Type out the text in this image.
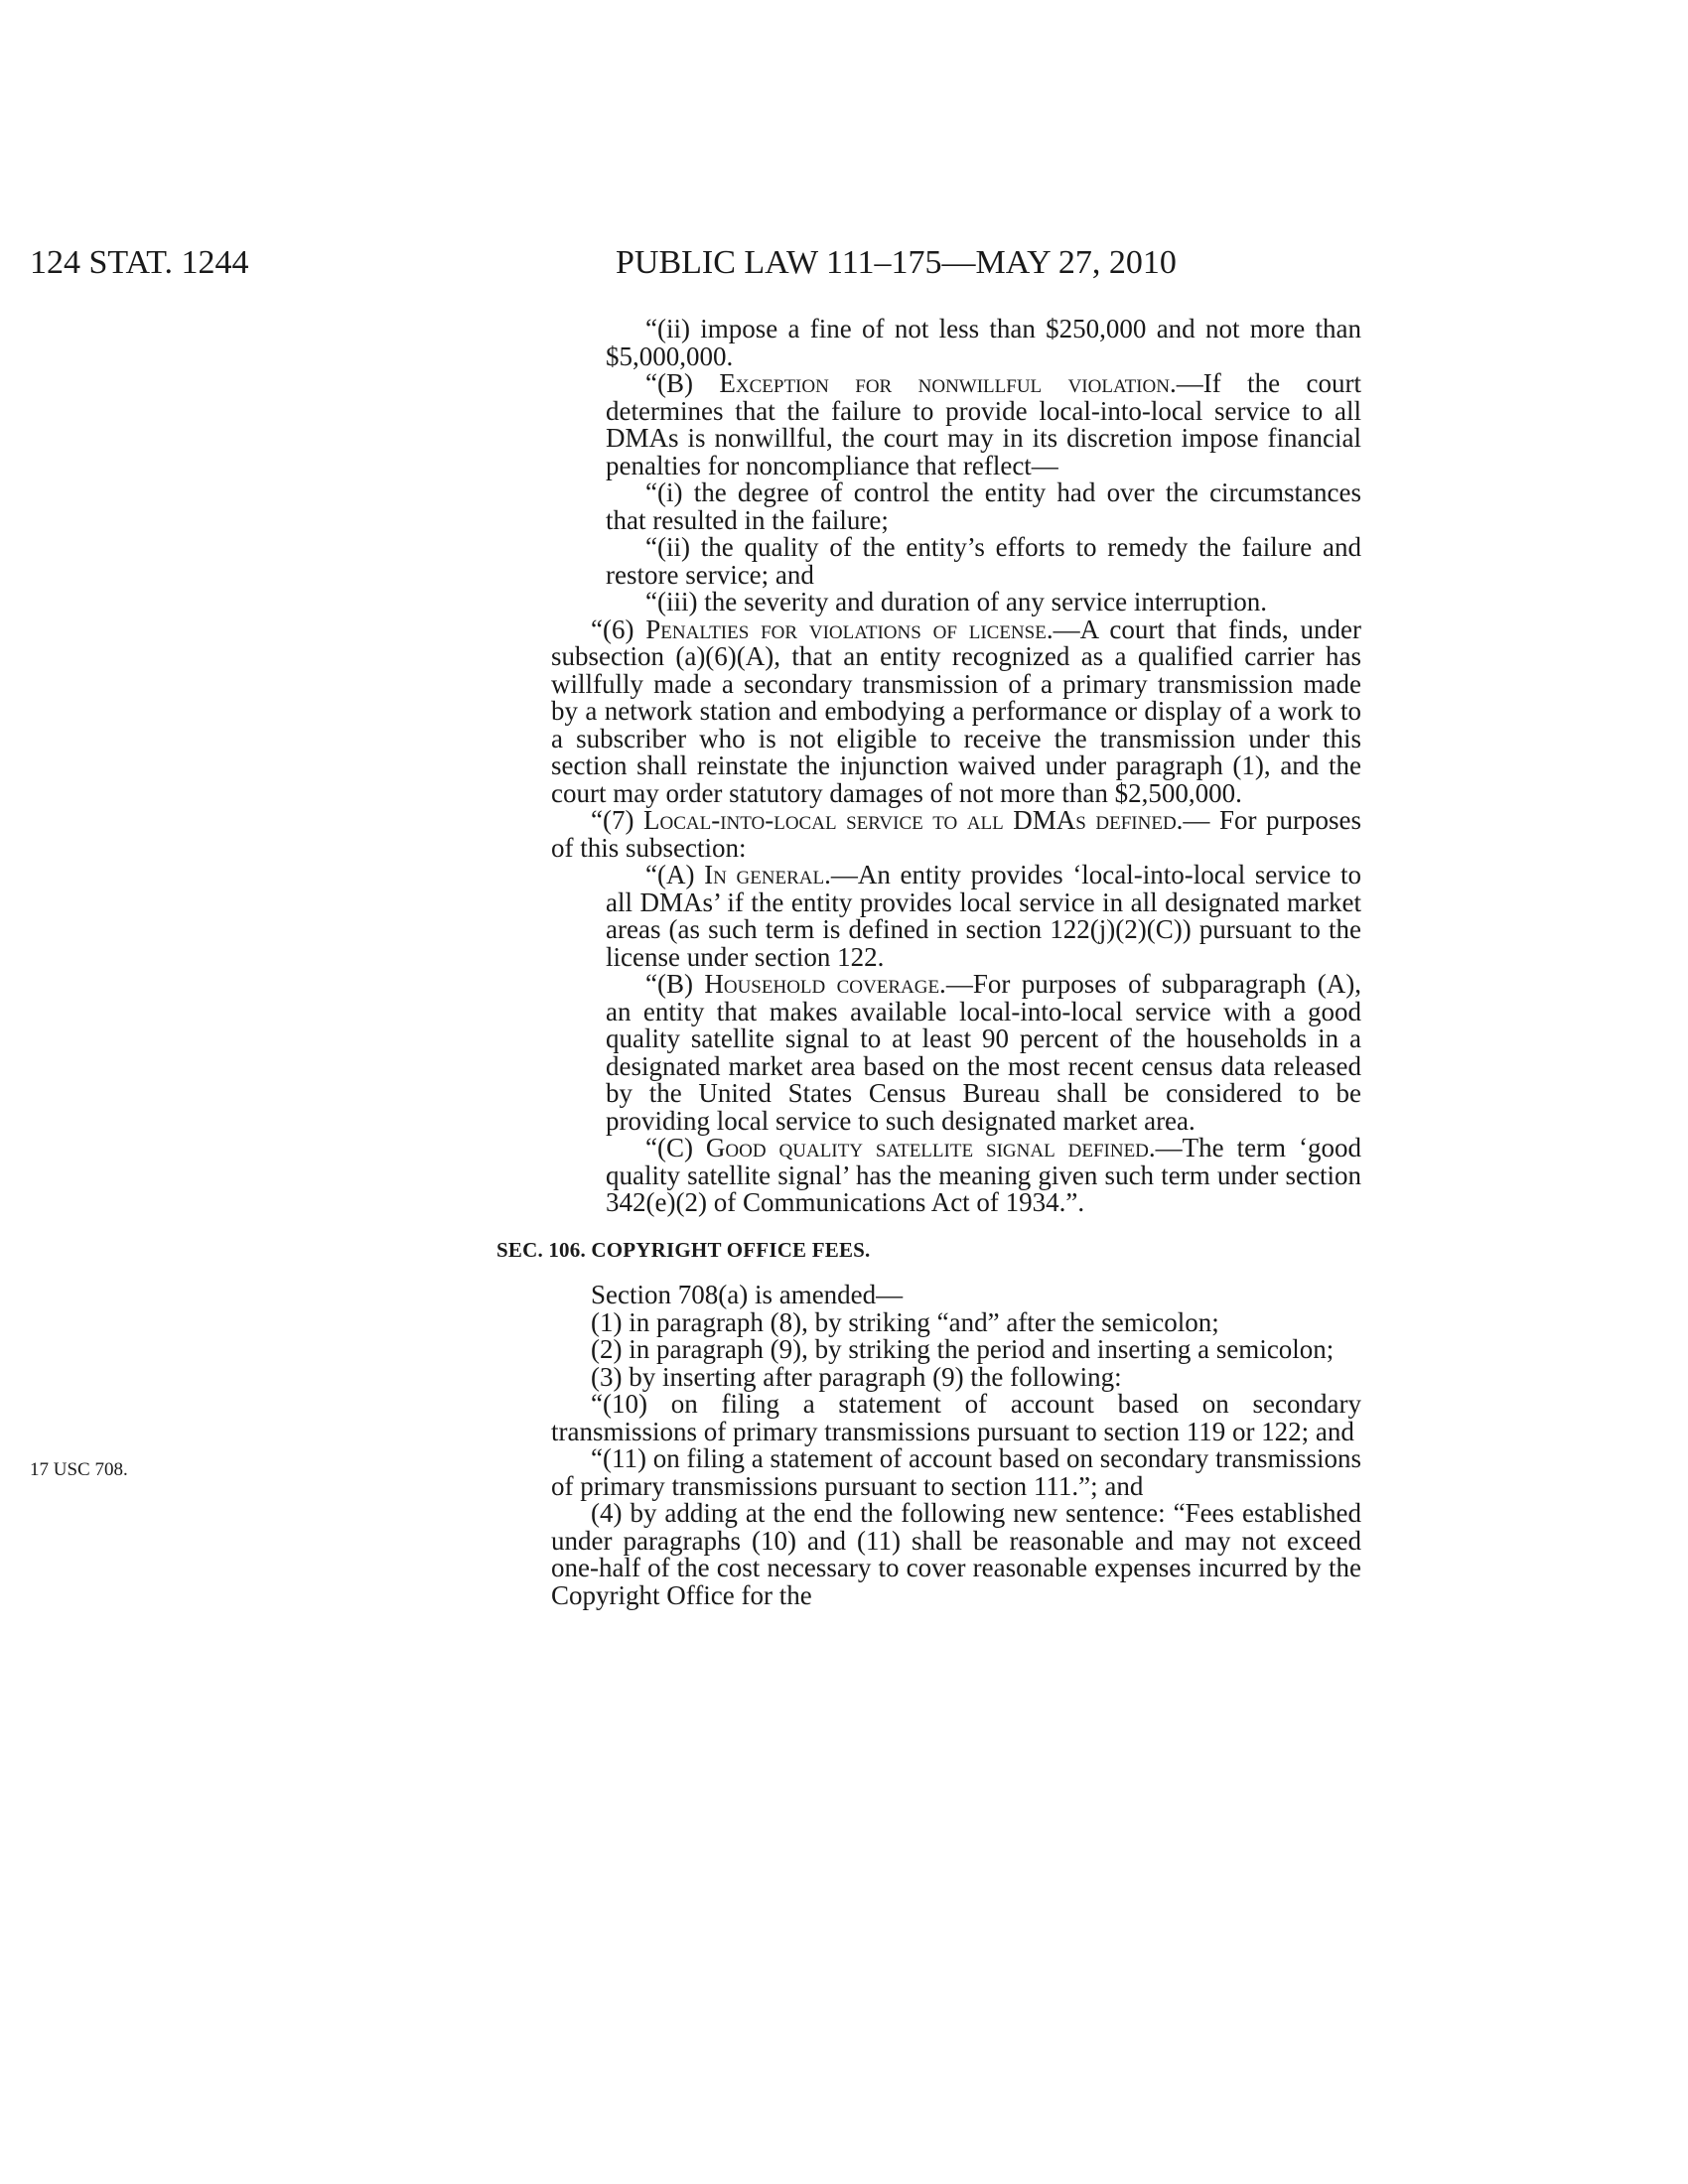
124 STAT. 1244	PUBLIC LAW 111–175—MAY 27, 2010
17 USC 708.

“(ii) impose a fine of not less than $250,000 and not more than $5,000,000.

“(B) Exception for nonwillful violation.—If the court determines that the failure to provide local-into-local service to all DMAs is nonwillful, the court may in its discretion impose financial penalties for noncompliance that reflect—

“(i) the degree of control the entity had over the circumstances that resulted in the failure;

“(ii) the quality of the entity’s efforts to remedy the failure and restore service; and

“(iii) the severity and duration of any service interruption.

“(6) Penalties for violations of license.—A court that finds, under subsection (a)(6)(A), that an entity recognized as a qualified carrier has willfully made a secondary transmission of a primary transmission made by a network station and embodying a performance or display of a work to a subscriber who is not eligible to receive the transmission under this section shall reinstate the injunction waived under paragraph (1), and the court may order statutory damages of not more than $2,500,000.

“(7) Local-into-local service to all DMAs defined.— For purposes of this subsection:

“(A) In general.—An entity provides ‘local-into-local service to all DMAs’ if the entity provides local service in all designated market areas (as such term is defined in section 122(j)(2)(C)) pursuant to the license under section 122.

“(B) Household coverage.—For purposes of subparagraph (A), an entity that makes available local-into-local service with a good quality satellite signal to at least 90 percent of the households in a designated market area based on the most recent census data released by the United States Census Bureau shall be considered to be providing local service to such designated market area.

“(C) Good quality satellite signal defined.—The term ‘good quality satellite signal’ has the meaning given such term under section 342(e)(2) of Communications Act of 1934.”.

SEC. 106. COPYRIGHT OFFICE FEES.

Section 708(a) is amended—

(1) in paragraph (8), by striking “and” after the semicolon;

(2) in paragraph (9), by striking the period and inserting a semicolon;

(3) by inserting after paragraph (9) the following:

“(10) on filing a statement of account based on secondary transmissions of primary transmissions pursuant to section 119 or 122; and

“(11) on filing a statement of account based on secondary transmissions of primary transmissions pursuant to section 111.”; and

(4) by adding at the end the following new sentence: “Fees established under paragraphs (10) and (11) shall be reasonable and may not exceed one-half of the cost necessary to cover reasonable expenses incurred by the Copyright Office for the
